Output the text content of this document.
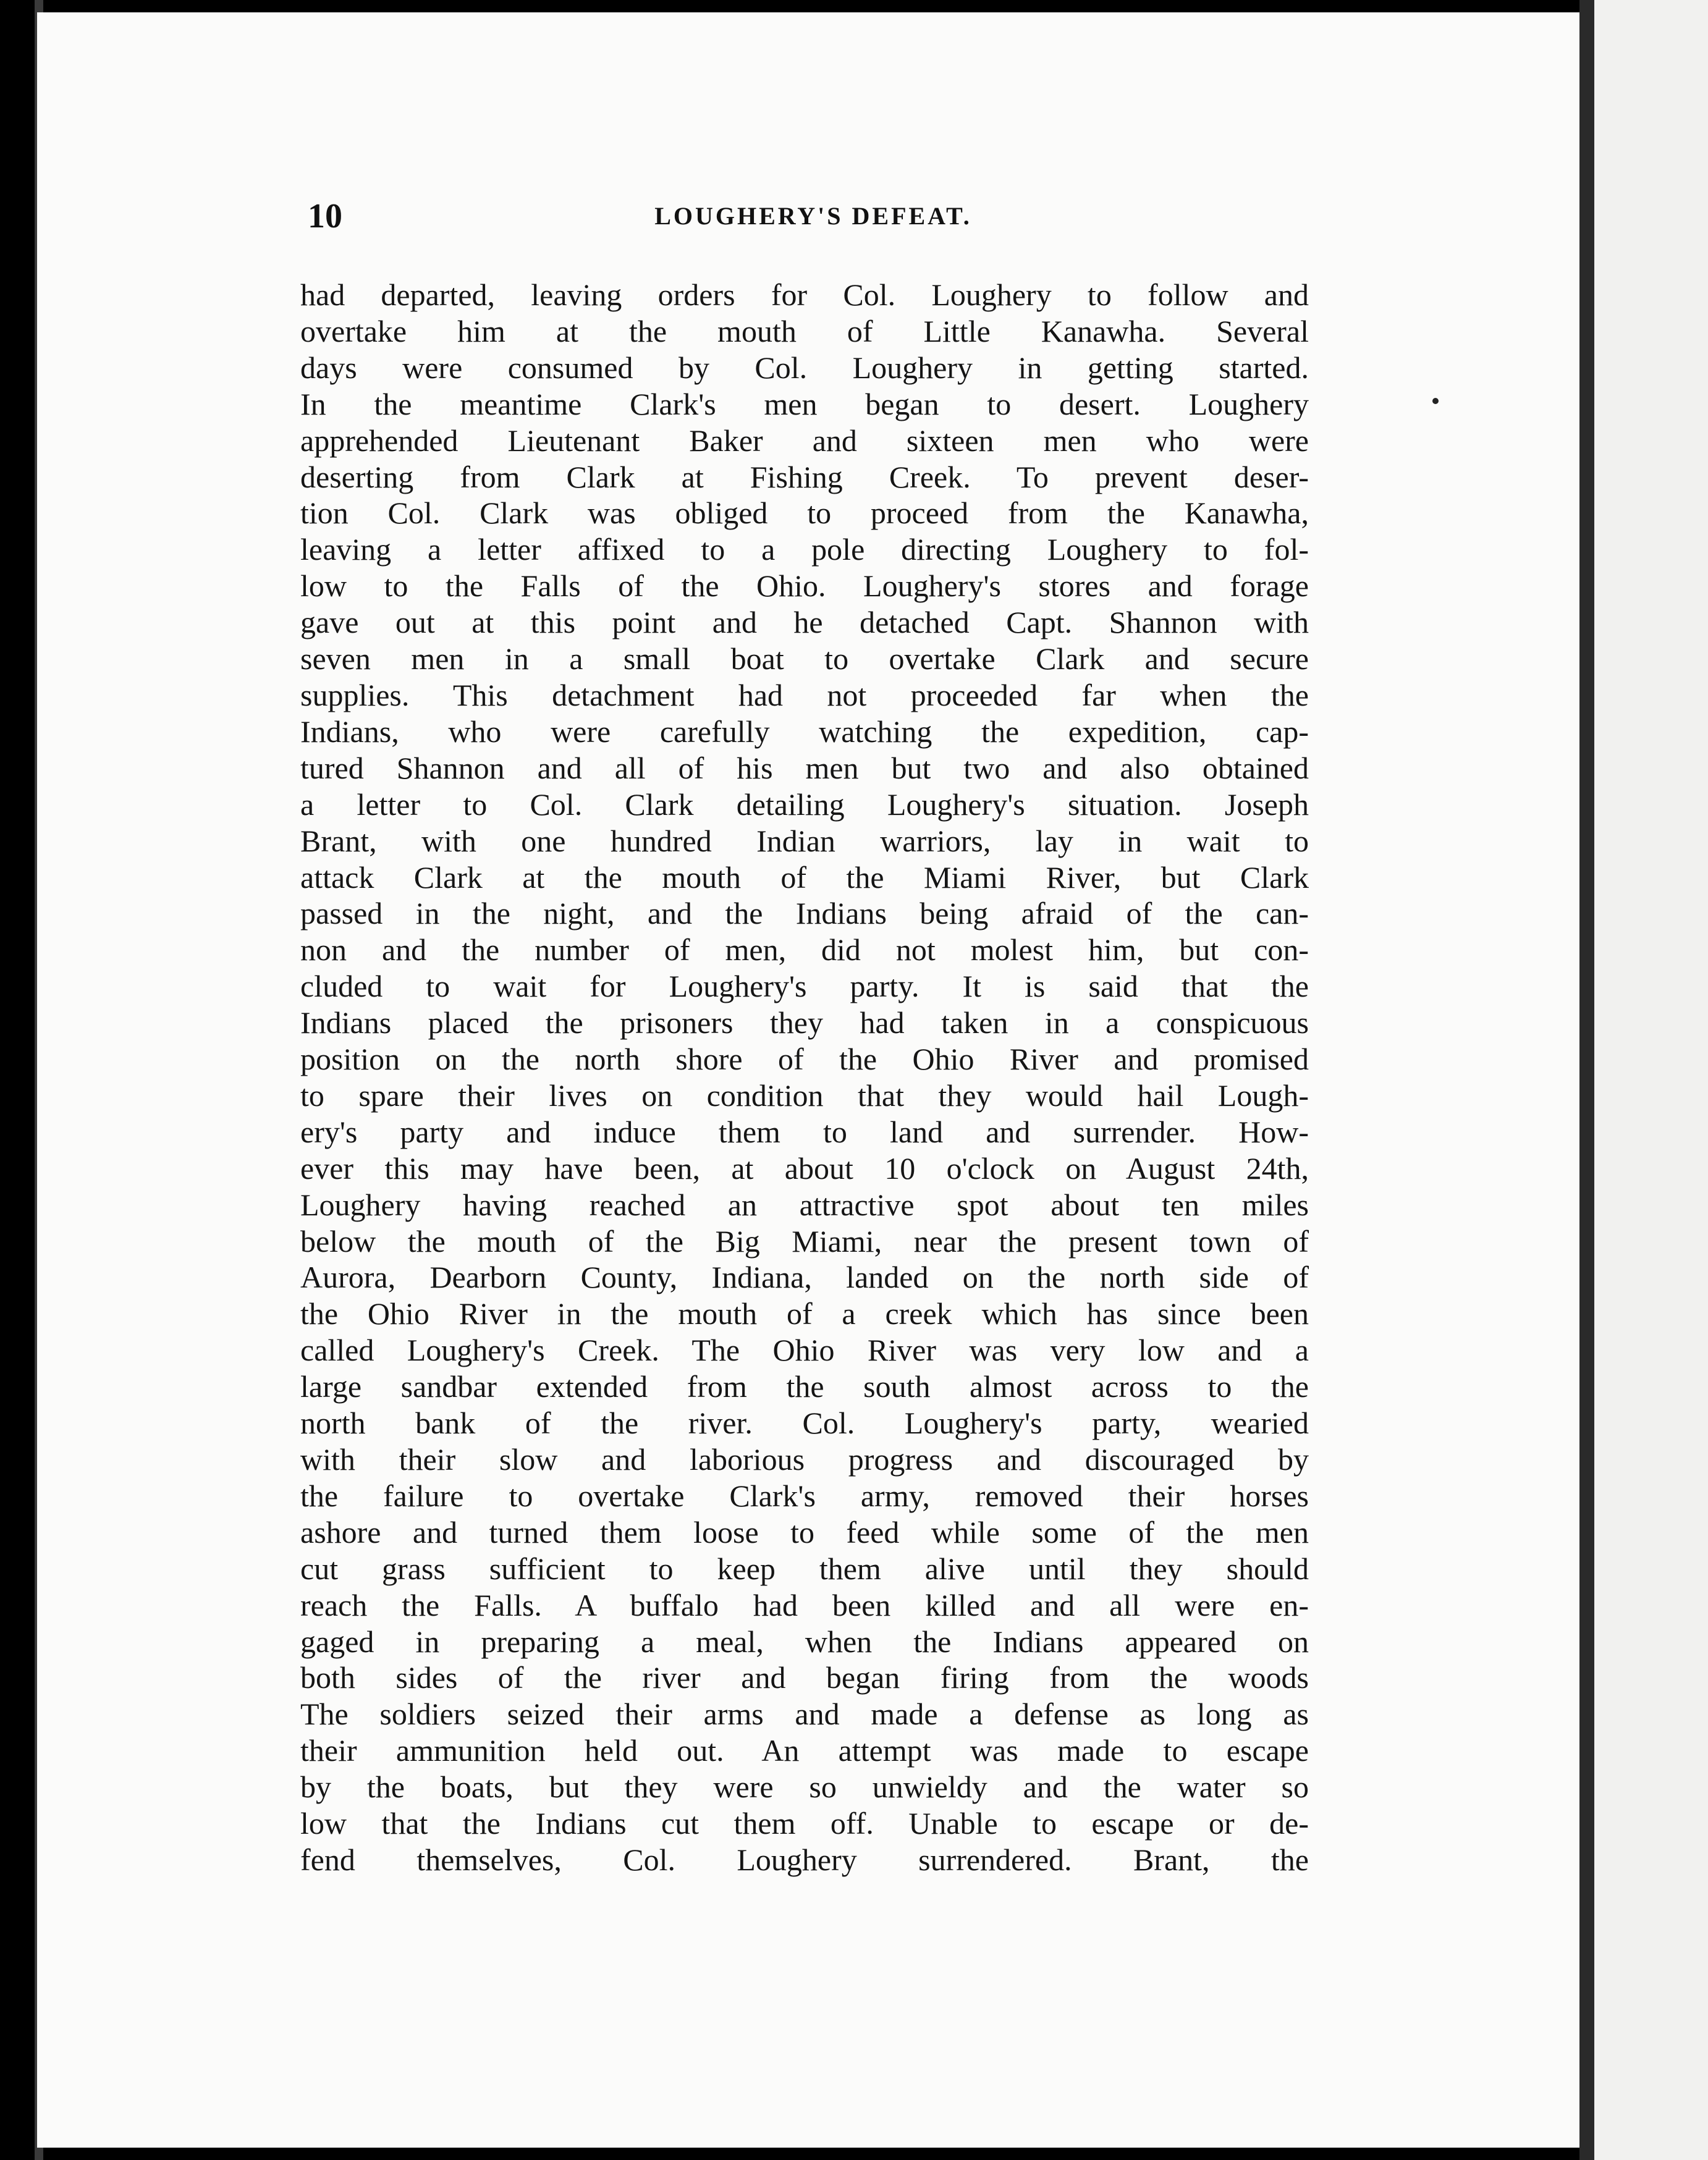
10	LOUGHERY'S DEFEAT.
had departed, leaving orders for Col. Loughery to follow and
overtake him at the mouth of Little Kanawha. Several
days were consumed by Col. Loughery in getting started.
In the meantime Clark's men began to desert. Loughery
apprehended Lieutenant Baker and sixteen men who were
deserting from Clark at Fishing Creek. To prevent deser-
tion Col. Clark was obliged to proceed from the Kanawha,
leaving a letter affixed to a pole directing Loughery to fol-
low to the Falls of the Ohio. Loughery's stores and forage
gave out at this point and he detached Capt. Shannon with
seven men in a small boat to overtake Clark and secure
supplies. This detachment had not proceeded far when the
Indians, who were carefully watching the expedition, cap-
tured Shannon and all of his men but two and also obtained
a letter to Col. Clark detailing Loughery's situation. Joseph
Brant, with one hundred Indian warriors, lay in wait to
attack Clark at the mouth of the Miami River, but Clark
passed in the night, and the Indians being afraid of the can-
non and the number of men, did not molest him, but con-
cluded to wait for Loughery's party. It is said that the
Indians placed the prisoners they had taken in a conspicuous
position on the north shore of the Ohio River and promised
to spare their lives on condition that they would hail Lough-
ery's party and induce them to land and surrender. How-
ever this may have been, at about 10 o'clock on August 24th,
Loughery having reached an attractive spot about ten miles
below the mouth of the Big Miami, near the present town of
Aurora, Dearborn County, Indiana, landed on the north side of
the Ohio River in the mouth of a creek which has since been
called Loughery's Creek. The Ohio River was very low and a
large sandbar extended from the south almost across to the
north bank of the river. Col. Loughery's party, wearied
with their slow and laborious progress and discouraged by
the failure to overtake Clark's army, removed their horses
ashore and turned them loose to feed while some of the men
cut grass sufficient to keep them alive until they should
reach the Falls. A buffalo had been killed and all were en-
gaged in preparing a meal, when the Indians appeared on
both sides of the river and began firing from the woods
The soldiers seized their arms and made a defense as long as
their ammunition held out. An attempt was made to escape
by the boats, but they were so unwieldy and the water so
low that the Indians cut them off. Unable to escape or de-
fend themselves, Col. Loughery surrendered. Brant, the
